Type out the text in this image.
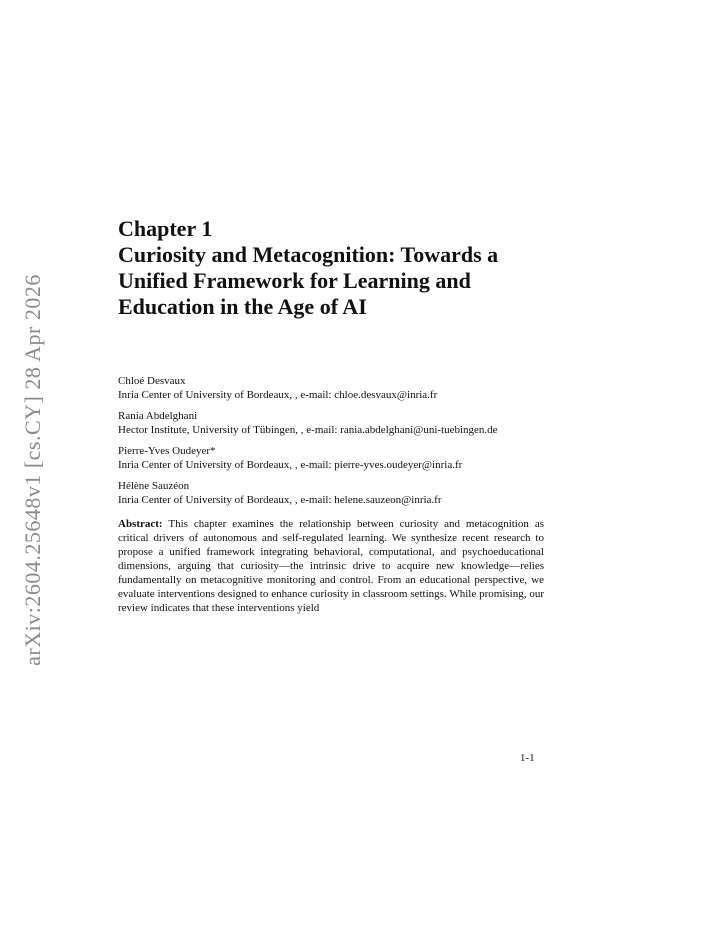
arXiv:2604.25648v1 [cs.CY] 28 Apr 2026
Chapter 1
Curiosity and Metacognition: Towards a Unified Framework for Learning and Education in the Age of AI
Chloé Desvaux
Inria Center of University of Bordeaux, , e-mail: chloe.desvaux@inria.fr
Rania Abdelghani
Hector Institute, University of Tübingen, , e-mail: rania.abdelghani@uni-tuebingen.de
Pierre-Yves Oudeyer*
Inria Center of University of Bordeaux, , e-mail: pierre-yves.oudeyer@inria.fr
Hélène Sauzéon
Inria Center of University of Bordeaux, , e-mail: helene.sauzeon@inria.fr

Abstract: This chapter examines the relationship between curiosity and metacognition as critical drivers of autonomous and self-regulated learning. We synthesize recent research to propose a unified framework integrating behavioral, computational, and psychoeducational dimensions, arguing that curiosity—the intrinsic drive to acquire new knowledge—relies fundamentally on metacognitive monitoring and control. From an educational perspective, we evaluate interventions designed to enhance curiosity in classroom settings. While promising, our review indicates that these interventions yield

1-1
